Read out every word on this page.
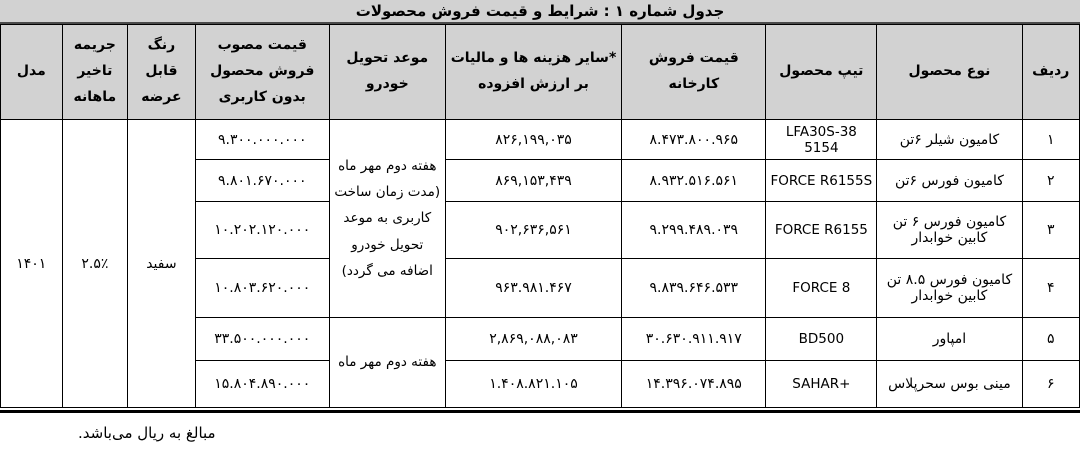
جدول شماره ۱ : شرایط و قیمت فروش محصولات
ردیف	نوع محصول	تیپ محصول	قیمت فروش کارخانه	*سایر هزینه ها و مالیات بر ارزش افزوده	موعد تحویل خودرو	قیمت مصوب فروش محصول بدون کاربری	رنگ قابل عرضه	جریمه تاخیر ماهانه	مدل
۱	کامیون شیلر ۶تن	LFA30S-38 5154	۸.۴۷۳.۸۰۰.۹۶۵	۸۲۶,۱۹۹,۰۳۵	هفته دوم مهر ماه (مدت زمان ساخت کاربری به موعد تحویل خودرو اضافه می گردد)	۹.۳۰۰.۰۰۰.۰۰۰	سفید	۲.۵٪	۱۴۰۱
۲	کامیون فورس ۶تن	FORCE R6155S	۸.۹۳۲.۵۱۶.۵۶۱	۸۶۹,۱۵۳,۴۳۹		۹.۸۰۱.۶۷۰.۰۰۰			
۳	کامیون فورس ۶ تن کابین خوابدار	FORCE R6155	۹.۲۹۹.۴۸۹.۰۳۹	۹۰۲,۶۳۶,۵۶۱		۱۰.۲۰۲.۱۲۰.۰۰۰			
۴	کامیون فورس ۸.۵ تن کابین خوابدار	FORCE 8	۹.۸۳۹.۶۴۶.۵۳۳	۹۶۳.۹۸۱.۴۶۷		۱۰.۸۰۳.۶۲۰.۰۰۰			
۵	امپاور	BD500	۳۰.۶۳۰.۹۱۱.۹۱۷	۲,۸۶۹,۰۸۸,۰۸۳	هفته دوم مهر ماه	۳۳.۵۰۰.۰۰۰.۰۰۰			
۶	مینی بوس سحرپلاس	SAHAR+	۱۴.۳۹۶.۰۷۴.۸۹۵	۱.۴۰۸.۸۲۱.۱۰۵		۱۵.۸۰۴.۸۹۰.۰۰۰			
مبالغ به ریال می‌باشد.
